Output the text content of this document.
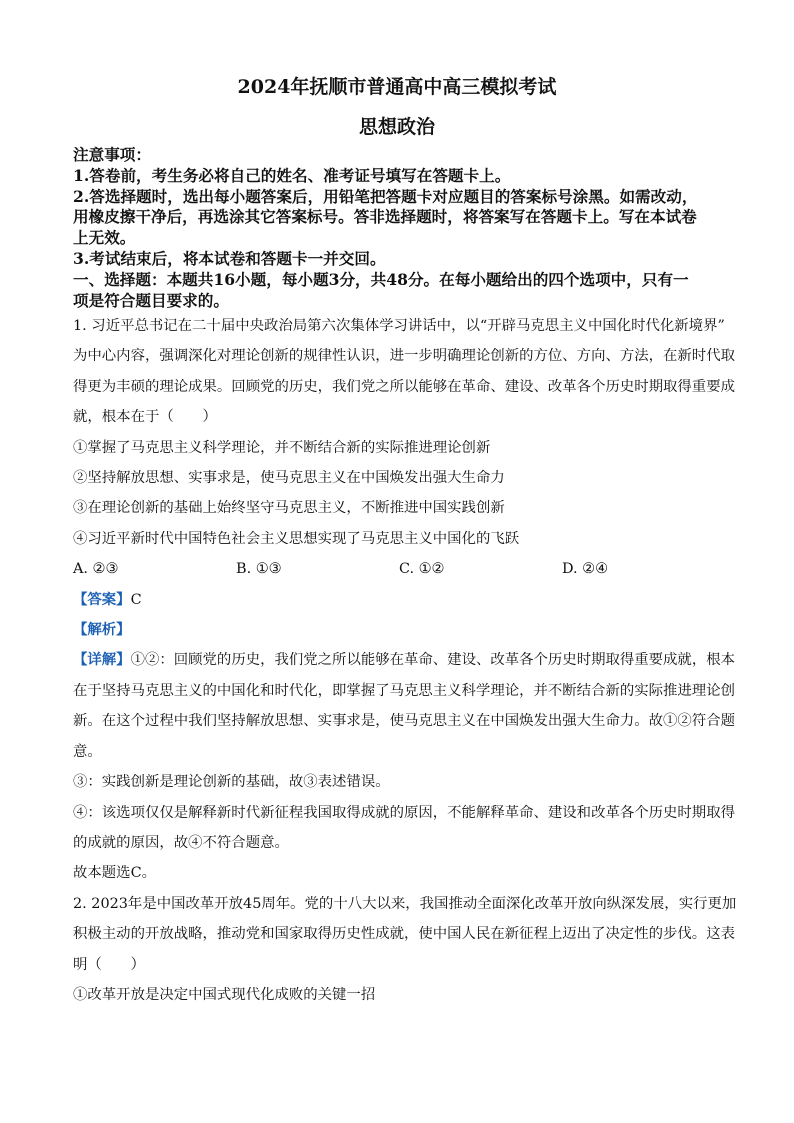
2024年抚顺市普通高中高三模拟考试
思想政治
注意事项：
1.答卷前，考生务必将自己的姓名、准考证号填写在答题卡上。
2.答选择题时，选出每小题答案后，用铅笔把答题卡对应题目的答案标号涂黑。如需改动，
用橡皮擦干净后，再选涂其它答案标号。答非选择题时，将答案写在答题卡上。写在本试卷
上无效。
3.考试结束后，将本试卷和答题卡一并交回。
一、选择题：本题共16小题，每小题3分，共48分。在每小题给出的四个选项中，只有一
项是符合题目要求的。
1. 习近平总书记在二十届中央政治局第六次集体学习讲话中，以“开辟马克思主义中国化时代化新境界”
为中心内容，强调深化对理论创新的规律性认识，进一步明确理论创新的方位、方向、方法，在新时代取
得更为丰硕的理论成果。回顾党的历史，我们党之所以能够在革命、建设、改革各个历史时期取得重要成
就，根本在于（　　）
①掌握了马克思主义科学理论，并不断结合新的实际推进理论创新
②坚持解放思想、实事求是，使马克思主义在中国焕发出强大生命力
③在理论创新的基础上始终坚守马克思主义，不断推进中国实践创新
④习近平新时代中国特色社会主义思想实现了马克思主义中国化的飞跃
A. ②③	B. ①③	C. ①②	D. ②④
【答案】C
【解析】
【详解】①②：回顾党的历史，我们党之所以能够在革命、建设、改革各个历史时期取得重要成就，根本
在于坚持马克思主义的中国化和时代化，即掌握了马克思主义科学理论，并不断结合新的实际推进理论创
新。在这个过程中我们坚持解放思想、实事求是，使马克思主义在中国焕发出强大生命力。故①②符合题
意。
③：实践创新是理论创新的基础，故③表述错误。
④：该选项仅仅是解释新时代新征程我国取得成就的原因，不能解释革命、建设和改革各个历史时期取得
的成就的原因，故④不符合题意。
故本题选C。
2. 2023年是中国改革开放45周年。党的十八大以来，我国推动全面深化改革开放向纵深发展，实行更加
积极主动的开放战略，推动党和国家取得历史性成就，使中国人民在新征程上迈出了决定性的步伐。这表
明（　　）
①改革开放是决定中国式现代化成败的关键一招
